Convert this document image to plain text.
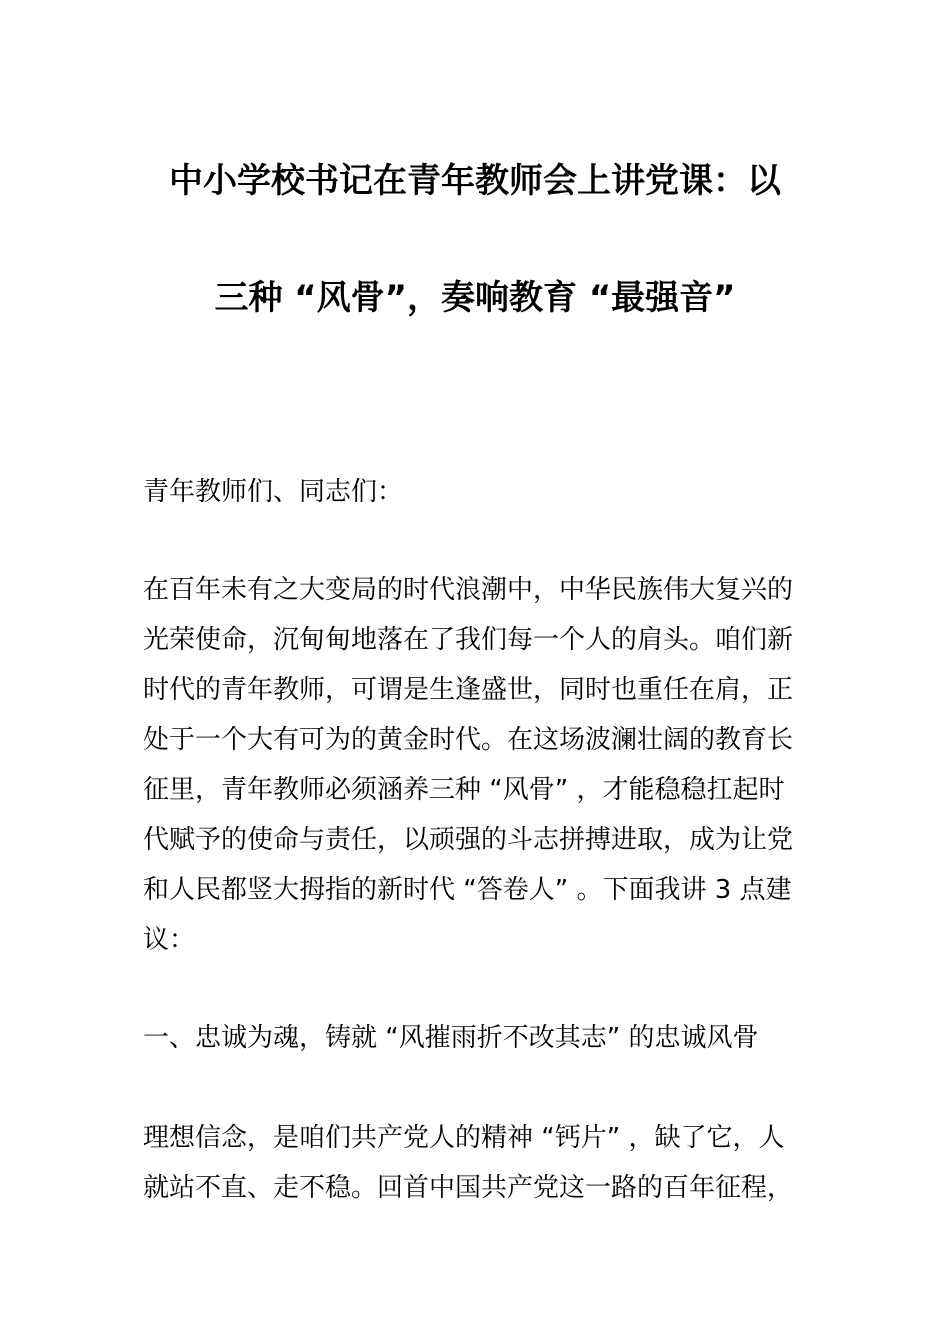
中小学校书记在青年教师会上讲党课：以
三种 “风骨”，奏响教育 “最强音”
青年教师们、同志们：
在百年未有之大变局的时代浪潮中，中华民族伟大复兴的
光荣使命，沉甸甸地落在了我们每一个人的肩头。咱们新
时代的青年教师，可谓是生逢盛世，同时也重任在肩，正
处于一个大有可为的黄金时代。在这场波澜壮阔的教育长
征里，青年教师必须涵养三种 “风骨” ，才能稳稳扛起时
代赋予的使命与责任，以顽强的斗志拼搏进取，成为让党
和人民都竖大拇指的新时代 “答卷人” 。下面我讲 3 点建
议：
一、忠诚为魂，铸就 “风摧雨折不改其志” 的忠诚风骨
理想信念，是咱们共产党人的精神 “钙片” ，缺了它，人
就站不直、走不稳。回首中国共产党这一路的百年征程，
